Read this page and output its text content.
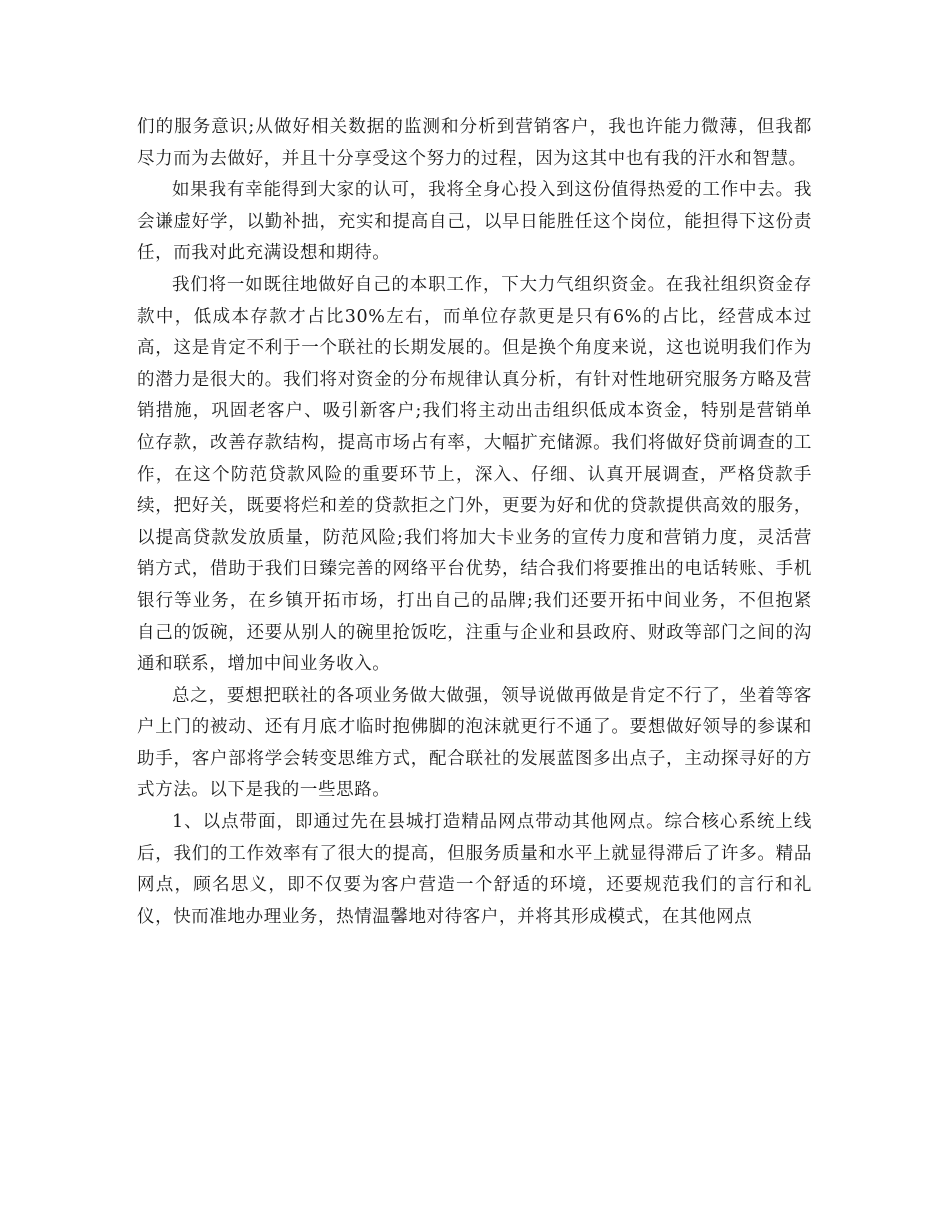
们的服务意识;从做好相关数据的监测和分析到营销客户，我也许能力微薄，但我都尽力而为去做好，并且十分享受这个努力的过程，因为这其中也有我的汗水和智慧。

如果我有幸能得到大家的认可，我将全身心投入到这份值得热爱的工作中去。我会谦虚好学，以勤补拙，充实和提高自己，以早日能胜任这个岗位，能担得下这份责任，而我对此充满设想和期待。

我们将一如既往地做好自己的本职工作，下大力气组织资金。在我社组织资金存款中，低成本存款才占比30%左右，而单位存款更是只有6%的占比，经营成本过高，这是肯定不利于一个联社的长期发展的。但是换个角度来说，这也说明我们作为的潜力是很大的。我们将对资金的分布规律认真分析，有针对性地研究服务方略及营销措施，巩固老客户、吸引新客户;我们将主动出击组织低成本资金，特别是营销单位存款，改善存款结构，提高市场占有率，大幅扩充储源。我们将做好贷前调查的工作，在这个防范贷款风险的重要环节上，深入、仔细、认真开展调查，严格贷款手续，把好关，既要将烂和差的贷款拒之门外，更要为好和优的贷款提供高效的服务，以提高贷款发放质量，防范风险;我们将加大卡业务的宣传力度和营销力度，灵活营销方式，借助于我们日臻完善的网络平台优势，结合我们将要推出的电话转账、手机银行等业务，在乡镇开拓市场，打出自己的品牌;我们还要开拓中间业务，不但抱紧自己的饭碗，还要从别人的碗里抢饭吃，注重与企业和县政府、财政等部门之间的沟通和联系，增加中间业务收入。

总之，要想把联社的各项业务做大做强，领导说做再做是肯定不行了，坐着等客户上门的被动、还有月底才临时抱佛脚的泡沫就更行不通了。要想做好领导的参谋和助手，客户部将学会转变思维方式，配合联社的发展蓝图多出点子，主动探寻好的方式方法。以下是我的一些思路。

1、以点带面，即通过先在县城打造精品网点带动其他网点。综合核心系统上线后，我们的工作效率有了很大的提高，但服务质量和水平上就显得滞后了许多。精品网点，顾名思义，即不仅要为客户营造一个舒适的环境，还要规范我们的言行和礼仪，快而准地办理业务，热情温馨地对待客户，并将其形成模式，在其他网点
